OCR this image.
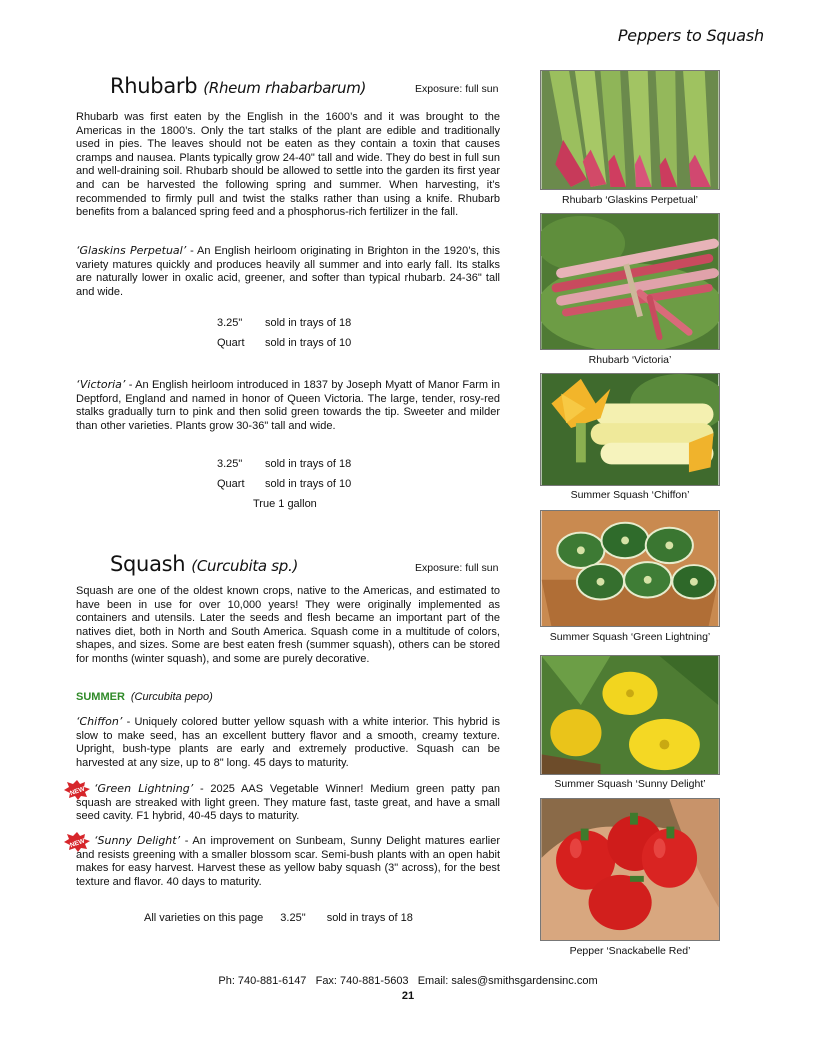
Peppers to Squash
Rhubarb (Rheum rhabarbarum)	Exposure: full sun

Rhubarb was first eaten by the English in the 1600’s and it was brought to the Americas in the 1800’s. Only the tart stalks of the plant are edible and traditionally used in pies. The leaves should not be eaten as they contain a toxin that causes cramps and nausea. Plants typically grow 24-40" tall and wide. They do best in full sun and well-draining soil. Rhubarb should be allowed to settle into the garden its first year and can be harvested the following spring and summer. When harvesting, it’s recommended to firmly pull and twist the stalks rather than using a knife. Rhubarb benefits from a balanced spring feed and a phosphorus-rich fertilizer in the fall.

‘Glaskins Perpetual’ - An English heirloom originating in Brighton in the 1920’s, this variety matures quickly and produces heavily all summer and into early fall. Its stalks are naturally lower in oxalic acid, greener, and softer than typical rhubarb. 24-36" tall and wide.

3.25" sold in trays of 18
Quart sold in trays of 10

‘Victoria’ - An English heirloom introduced in 1837 by Joseph Myatt of Manor Farm in Deptford, England and named in honor of Queen Victoria. The large, tender, rosy-red stalks gradually turn to pink and then solid green towards the tip. Sweeter and milder than other varieties. Plants grow 30-36" tall and wide.

3.25" sold in trays of 18
Quart sold in trays of 10
True 1 gallon
Squash (Curcubita sp.)	Exposure: full sun

Squash are one of the oldest known crops, native to the Americas, and estimated to have been in use for over 10,000 years! They were originally implemented as containers and utensils. Later the seeds and flesh became an important part of the natives diet, both in North and South America. Squash come in a multitude of colors, shapes, and sizes. Some are best eaten fresh (summer squash), others can be stored for months (winter squash), and some are purely decorative.

SUMMER (Curcubita pepo)

‘Chiffon’ - Uniquely colored butter yellow squash with a white interior. This hybrid is slow to make seed, has an excellent buttery flavor and a smooth, creamy texture. Upright, bush-type plants are early and extremely productive. Squash can be harvested at any size, up to 8" long. 45 days to maturity.

NEW ‘Green Lightning’ - 2025 AAS Vegetable Winner! Medium green patty pan squash are streaked with light green. They mature fast, taste great, and have a small seed cavity. F1 hybrid, 40-45 days to maturity.

NEW ‘Sunny Delight’ - An improvement on Sunbeam, Sunny Delight matures earlier and resists greening with a smaller blossom scar. Semi-bush plants with an open habit makes for easy harvest. Harvest these as yellow baby squash (3" across), for the best texture and flavor. 40 days to maturity.

All varieties on this page 3.25" sold in trays of 18
Rhubarb ‘Glaskins Perpetual’
Rhubarb ‘Victoria’
Summer Squash ‘Chiffon’
Summer Squash ‘Green Lightning’
Summer Squash ‘Sunny Delight’
Pepper ‘Snackabelle Red’
Ph: 740-881-6147   Fax: 740-881-5603   Email: sales@smithsgardensinc.com
21
